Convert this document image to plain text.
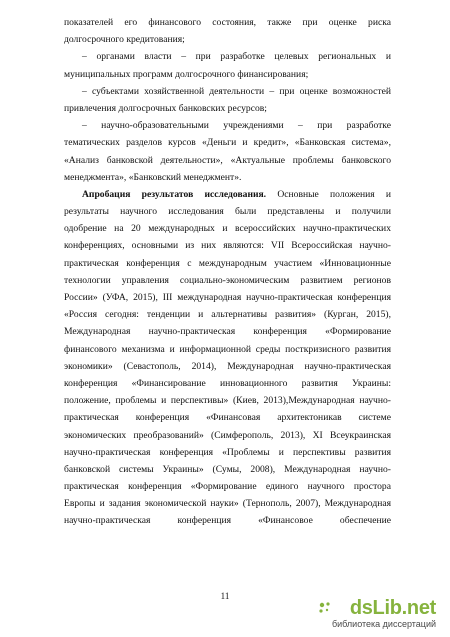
показателей его финансового состояния, также при оценке риска
долгосрочного кредитования;
– органами власти – при разработке целевых региональных и
муниципальных программ долгосрочного финансирования;
– субъектами хозяйственной деятельности – при оценке возможностей
привлечения долгосрочных банковских ресурсов;
– научно-образовательными учреждениями – при разработке
тематических разделов курсов «Деньги и кредит», «Банковская система»,
«Анализ банковской деятельности», «Актуальные проблемы банковского
менеджмента», «Банковский менеджмент».
Апробация результатов исследования. Основные положения и
результаты научного исследования были представлены и получили
одобрение на 20 международных и всероссийских научно-практических
конференциях, основными из них являются: VII Всероссийская научно-
практическая конференция с международным участием «Инновационные
технологии управления социально-экономическим развитием регионов
России» (УФА, 2015), III международная научно-практическая конференция
«Россия сегодня: тенденции и альтернативы развития» (Курган, 2015),
Международная научно-практическая конференция «Формирование
финансового механизма и информационной среды посткризисного развития
экономики» (Севастополь, 2014), Международная научно-практическая
конференция «Финансирование инновационного развития Украины:
положение, проблемы и перспективы» (Киев, 2013),Международная научно-
практическая конференция «Финансовая архитектоникав системе
экономических преобразований» (Симферополь, 2013), XI Всеукраинская
научно-практическая конференция «Проблемы и перспективы развития
банковской системы Украины» (Сумы, 2008), Международная научно-
практическая конференция «Формирование единого научного простора
Европы и задания экономической науки» (Тернополь, 2007), Международная
научно-практическая конференция «Финансовое обеспечение
11
dsLib.net
библиотека диссертаций
